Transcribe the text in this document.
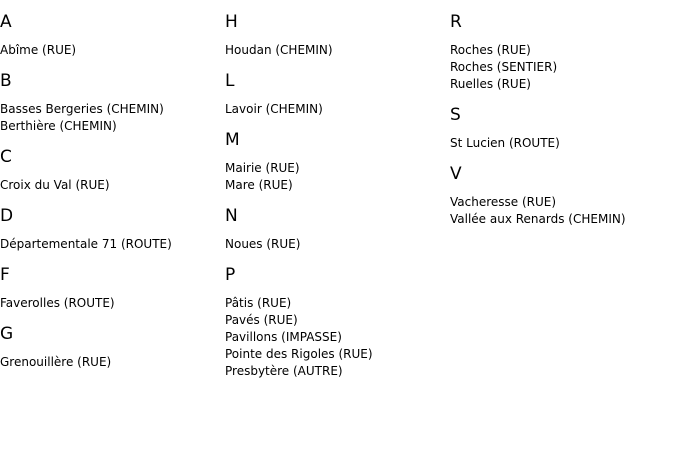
A
Abîme (RUE)
B
Basses Bergeries (CHEMIN)
Berthière (CHEMIN)
C
Croix du Val (RUE)
D
Départementale 71 (ROUTE)
F
Faverolles (ROUTE)
G
Grenouillère (RUE)
H
Houdan (CHEMIN)
L
Lavoir (CHEMIN)
M
Mairie (RUE)
Mare (RUE)
N
Noues (RUE)
P
Pâtis (RUE)
Pavés (RUE)
Pavillons (IMPASSE)
Pointe des Rigoles (RUE)
Presbytère (AUTRE)
R
Roches (RUE)
Roches (SENTIER)
Ruelles (RUE)
S
St Lucien (ROUTE)
V
Vacheresse (RUE)
Vallée aux Renards (CHEMIN)
